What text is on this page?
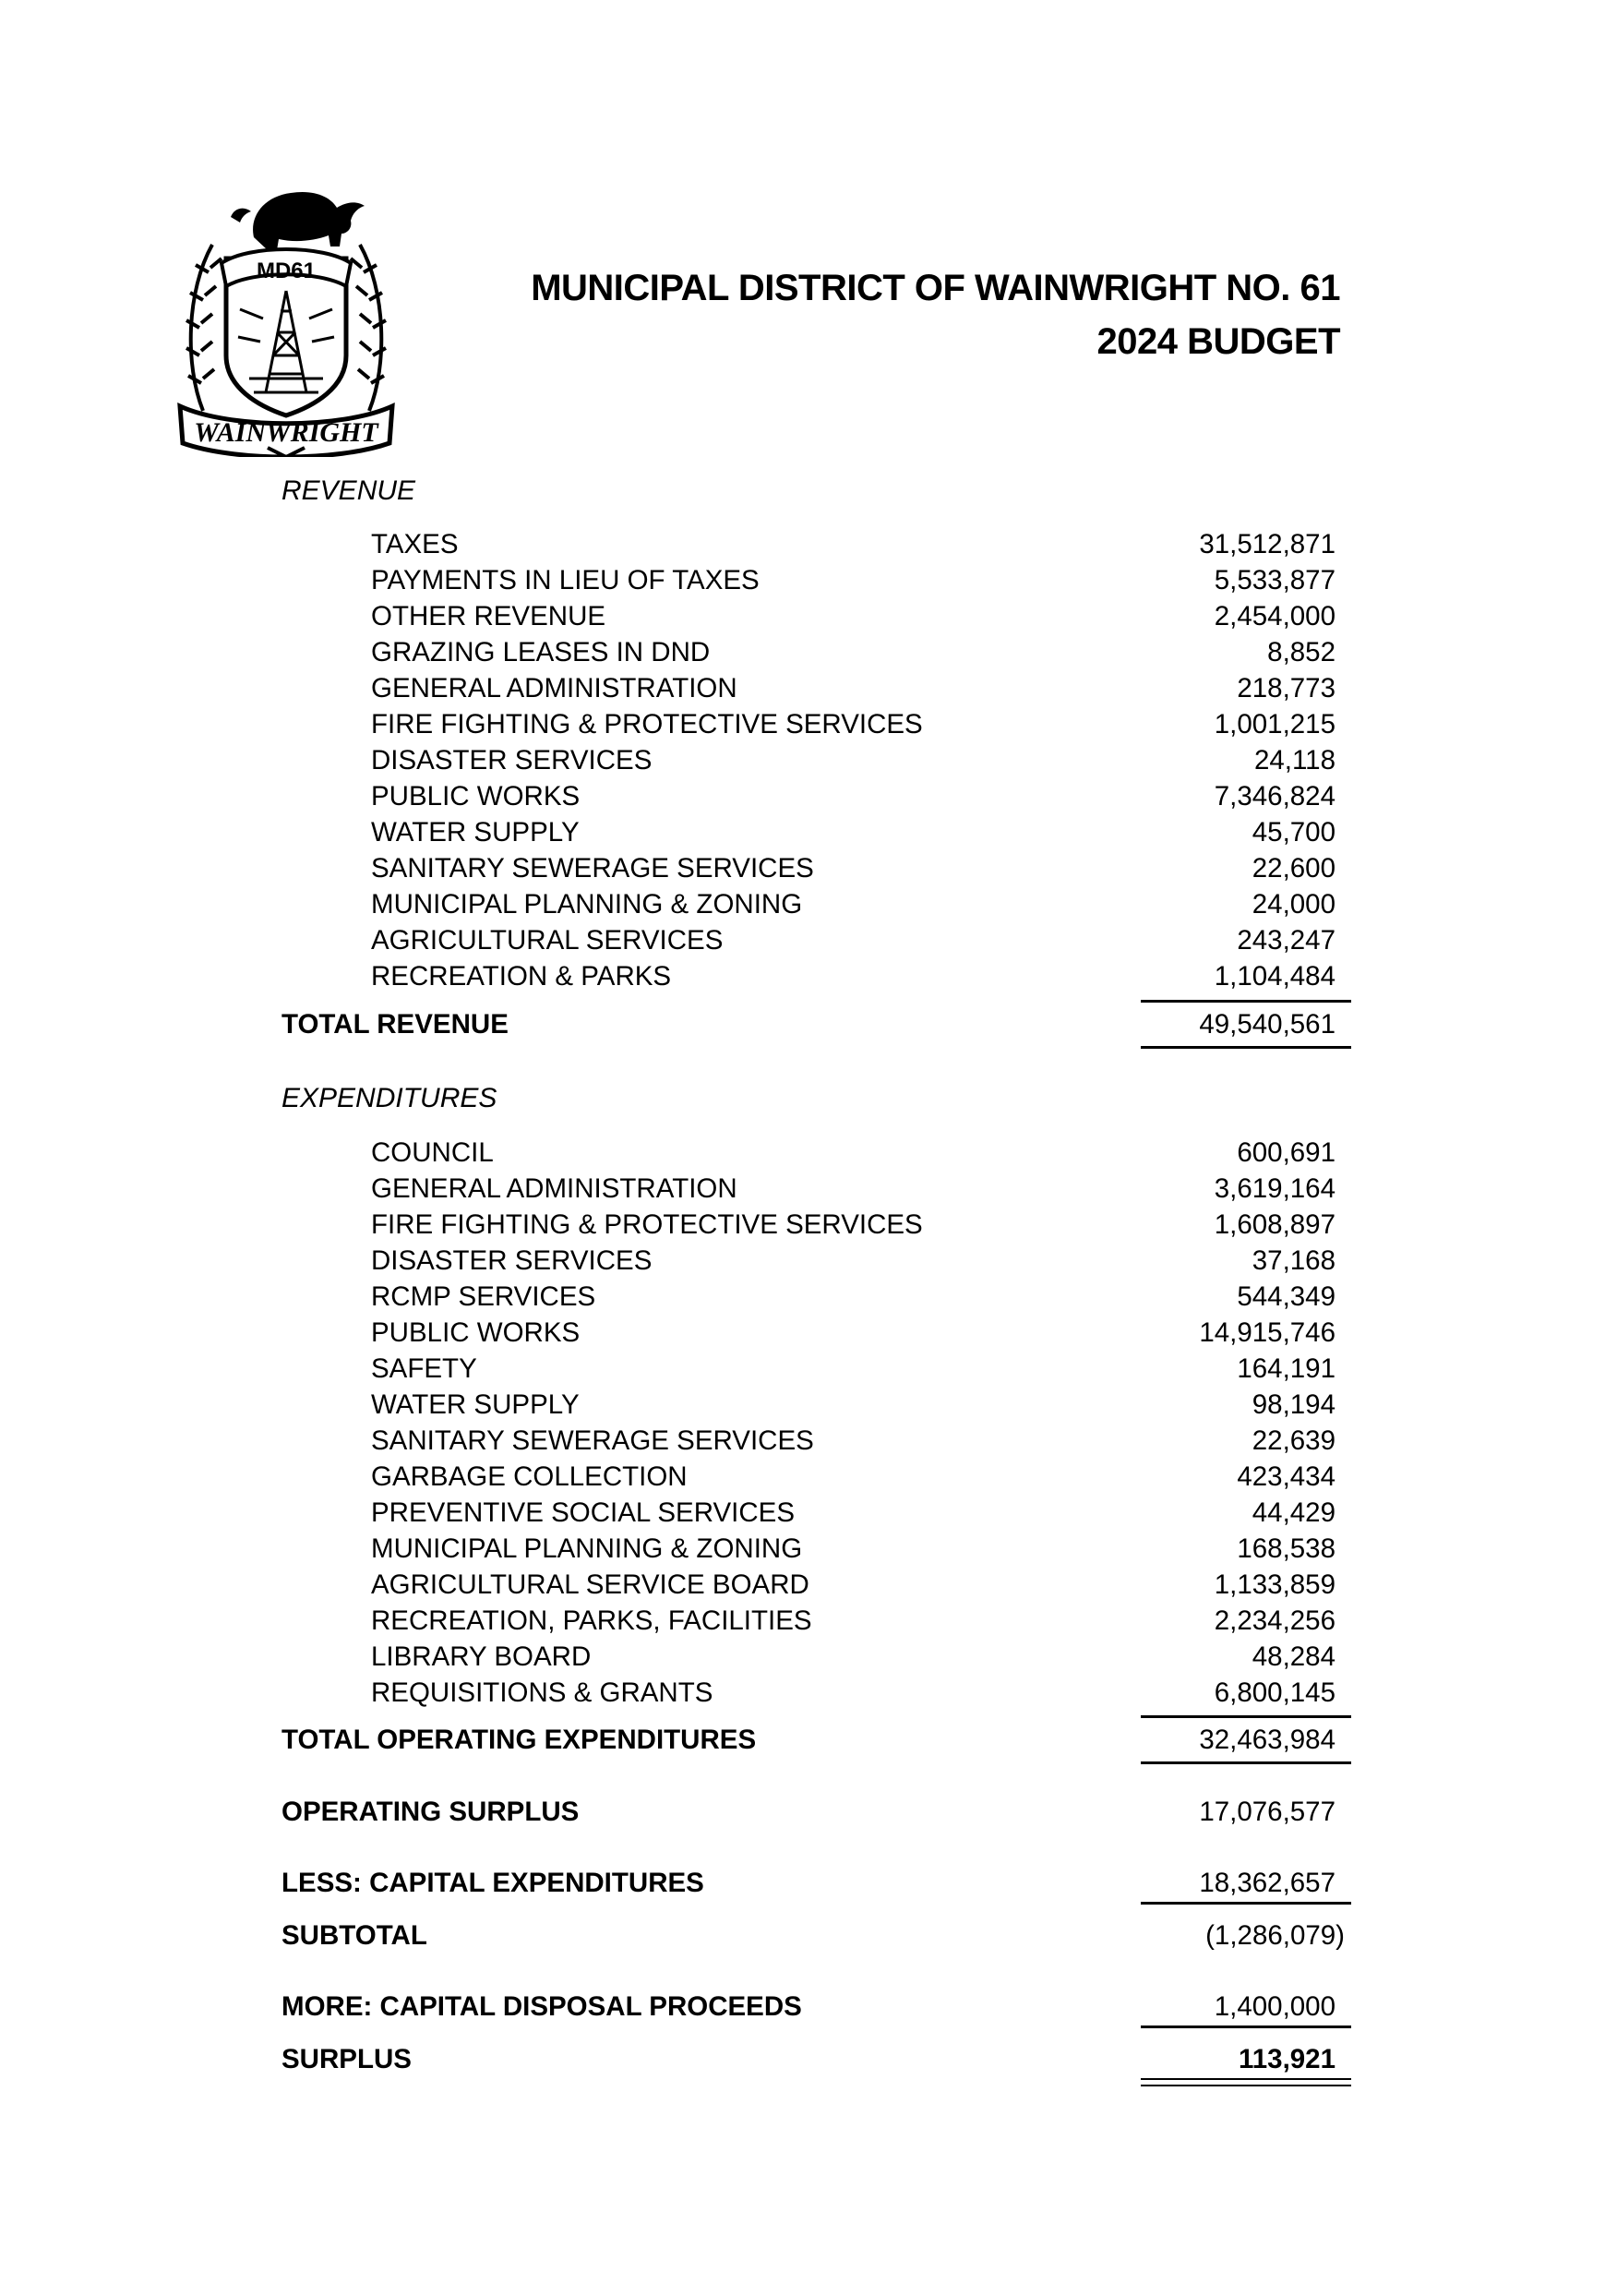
MD61
WAINWRIGHT
MUNICIPAL DISTRICT OF WAINWRIGHT NO. 61
2024 BUDGET
REVENUE
TAXES	31,512,871
PAYMENTS IN LIEU OF TAXES	5,533,877
OTHER REVENUE	2,454,000
GRAZING LEASES IN DND	8,852
GENERAL ADMINISTRATION	218,773
FIRE FIGHTING & PROTECTIVE SERVICES	1,001,215
DISASTER SERVICES	24,118
PUBLIC WORKS	7,346,824
WATER SUPPLY	45,700
SANITARY SEWERAGE SERVICES	22,600
MUNICIPAL PLANNING & ZONING	24,000
AGRICULTURAL SERVICES	243,247
RECREATION & PARKS	1,104,484
TOTAL REVENUE	49,540,561
EXPENDITURES
COUNCIL	600,691
GENERAL ADMINISTRATION	3,619,164
FIRE FIGHTING & PROTECTIVE SERVICES	1,608,897
DISASTER SERVICES	37,168
RCMP SERVICES	544,349
PUBLIC WORKS	14,915,746
SAFETY	164,191
WATER SUPPLY	98,194
SANITARY SEWERAGE SERVICES	22,639
GARBAGE COLLECTION	423,434
PREVENTIVE SOCIAL SERVICES	44,429
MUNICIPAL PLANNING & ZONING	168,538
AGRICULTURAL SERVICE BOARD	1,133,859
RECREATION, PARKS, FACILITIES	2,234,256
LIBRARY BOARD	48,284
REQUISITIONS & GRANTS	6,800,145
TOTAL OPERATING EXPENDITURES	32,463,984
OPERATING SURPLUS	17,076,577
LESS: CAPITAL EXPENDITURES	18,362,657
SUBTOTAL	(1,286,079)
MORE: CAPITAL DISPOSAL PROCEEDS	1,400,000
SURPLUS	113,921
